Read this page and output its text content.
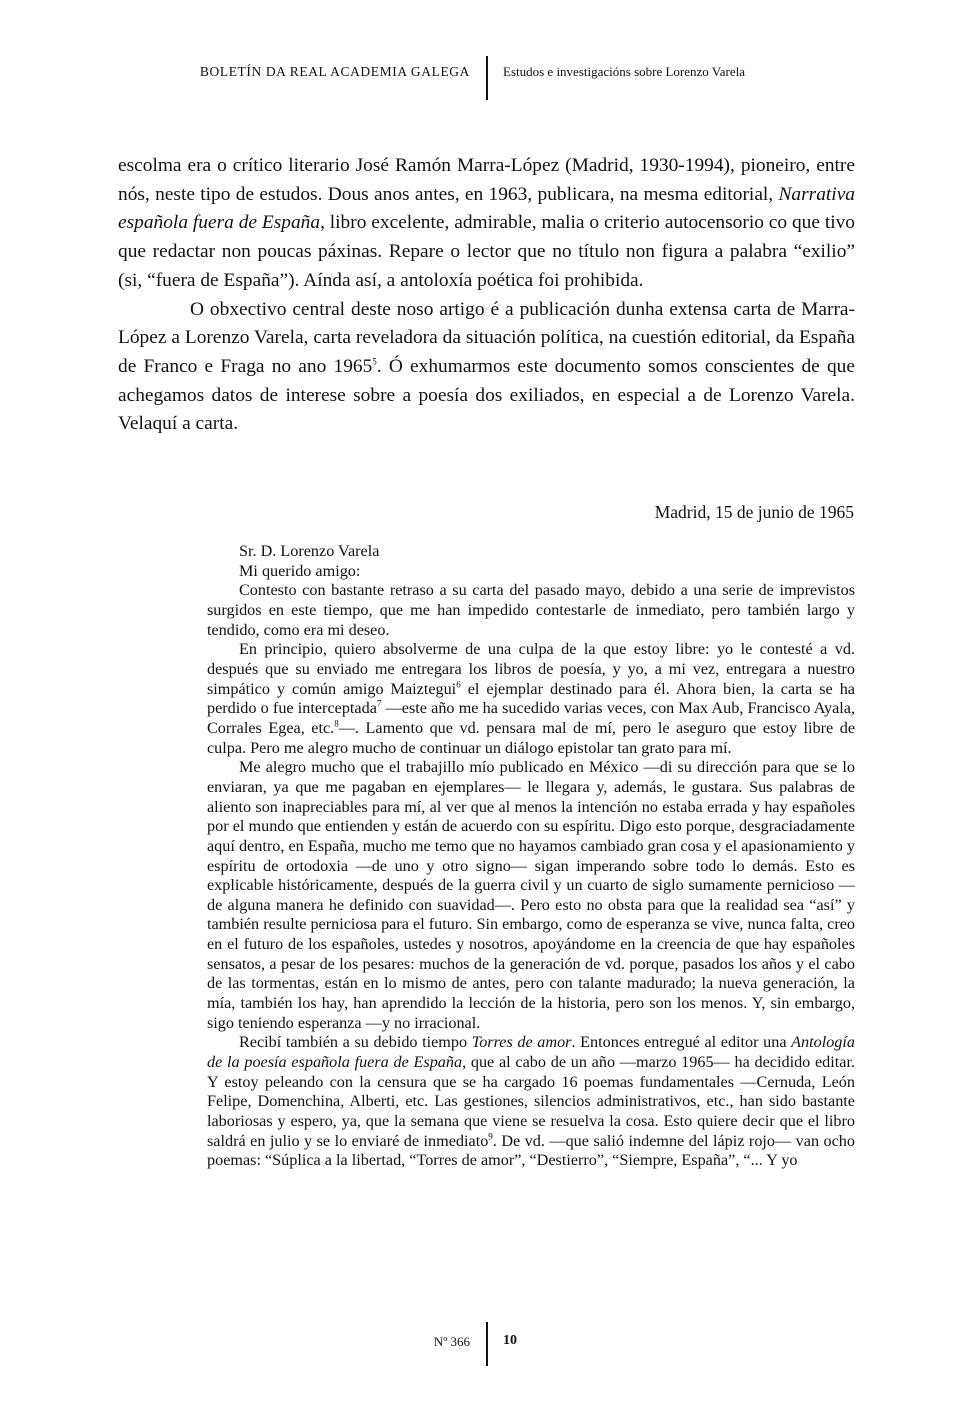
BOLETÍN DA REAL ACADEMIA GALEGA	Estudos e investigacións sobre Lorenzo Varela

escolma era o crítico literario José Ramón Marra-López (Madrid, 1930-1994), pioneiro, entre nós, neste tipo de estudos. Dous anos antes, en 1963, publicara, na mesma editorial, Narrativa española fuera de España, libro excelente, admirable, malia o criterio autocensorio co que tivo que redactar non poucas páxinas. Repare o lector que no título non figura a palabra “exilio” (si, “fuera de España”). Aínda así, a antoloxía poética foi prohibida.

O obxectivo central deste noso artigo é a publicación dunha extensa carta de Marra-López a Lorenzo Varela, carta reveladora da situación política, na cuestión editorial, da España de Franco e Fraga no ano 1965$^5$. Ó exhumarmos este documento somos conscientes de que achegamos datos de interese sobre a poesía dos exiliados, en especial a de Lorenzo Varela. Velaquí a carta.

Madrid, 15 de junio de 1965

Sr. D. Lorenzo Varela

Mi querido amigo:

Contesto con bastante retraso a su carta del pasado mayo, debido a una serie de imprevistos surgidos en este tiempo, que me han impedido contestarle de inmediato, pero también largo y tendido, como era mi deseo.

En principio, quiero absolverme de una culpa de la que estoy libre: yo le contesté a vd. después que su enviado me entregara los libros de poesía, y yo, a mi vez, entregara a nuestro simpático y común amigo Maiztegui$^6$ el ejemplar destinado para él. Ahora bien, la carta se ha perdido o fue interceptada$^7$ —este año me ha sucedido varias veces, con Max Aub, Francisco Ayala, Corrales Egea, etc.$^8$—. Lamento que vd. pensara mal de mí, pero le aseguro que estoy libre de culpa. Pero me alegro mucho de continuar un diálogo epistolar tan grato para mí.

Me alegro mucho que el trabajillo mío publicado en México —di su dirección para que se lo enviaran, ya que me pagaban en ejemplares— le llegara y, además, le gustara. Sus palabras de aliento son inapreciables para mí, al ver que al menos la intención no estaba errada y hay españoles por el mundo que entienden y están de acuerdo con su espíritu. Digo esto porque, desgraciadamente aquí dentro, en España, mucho me temo que no hayamos cambiado gran cosa y el apasionamiento y espíritu de ortodoxia —de uno y otro signo— sigan imperando sobre todo lo demás. Esto es explicable históricamente, después de la guerra civil y un cuarto de siglo sumamente pernicioso —de alguna manera he definido con suavidad—. Pero esto no obsta para que la realidad sea “así” y también resulte perniciosa para el futuro. Sin embargo, como de esperanza se vive, nunca falta, creo en el futuro de los españoles, ustedes y nosotros, apoyándome en la creencia de que hay españoles sensatos, a pesar de los pesares: muchos de la generación de vd. porque, pasados los años y el cabo de las tormentas, están en lo mismo de antes, pero con talante madurado; la nueva generación, la mía, también los hay, han aprendido la lección de la historia, pero son los menos. Y, sin embargo, sigo teniendo esperanza —y no irracional.

Recibí también a su debido tiempo Torres de amor. Entonces entregué al editor una Antología de la poesía española fuera de España, que al cabo de un año —marzo 1965— ha decidido editar. Y estoy peleando con la censura que se ha cargado 16 poemas fundamentales —Cernuda, León Felipe, Domenchina, Alberti, etc. Las gestiones, silencios administrativos, etc., han sido bastante laboriosas y espero, ya, que la semana que viene se resuelva la cosa. Esto quiere decir que el libro saldrá en julio y se lo enviaré de inmediato$^9$. De vd. —que salió indemne del lápiz rojo— van ocho poemas: “Súplica a la libertad, “Torres de amor”, “Destierro”, “Siempre, España”, “... Y yo

Nº 366 10
